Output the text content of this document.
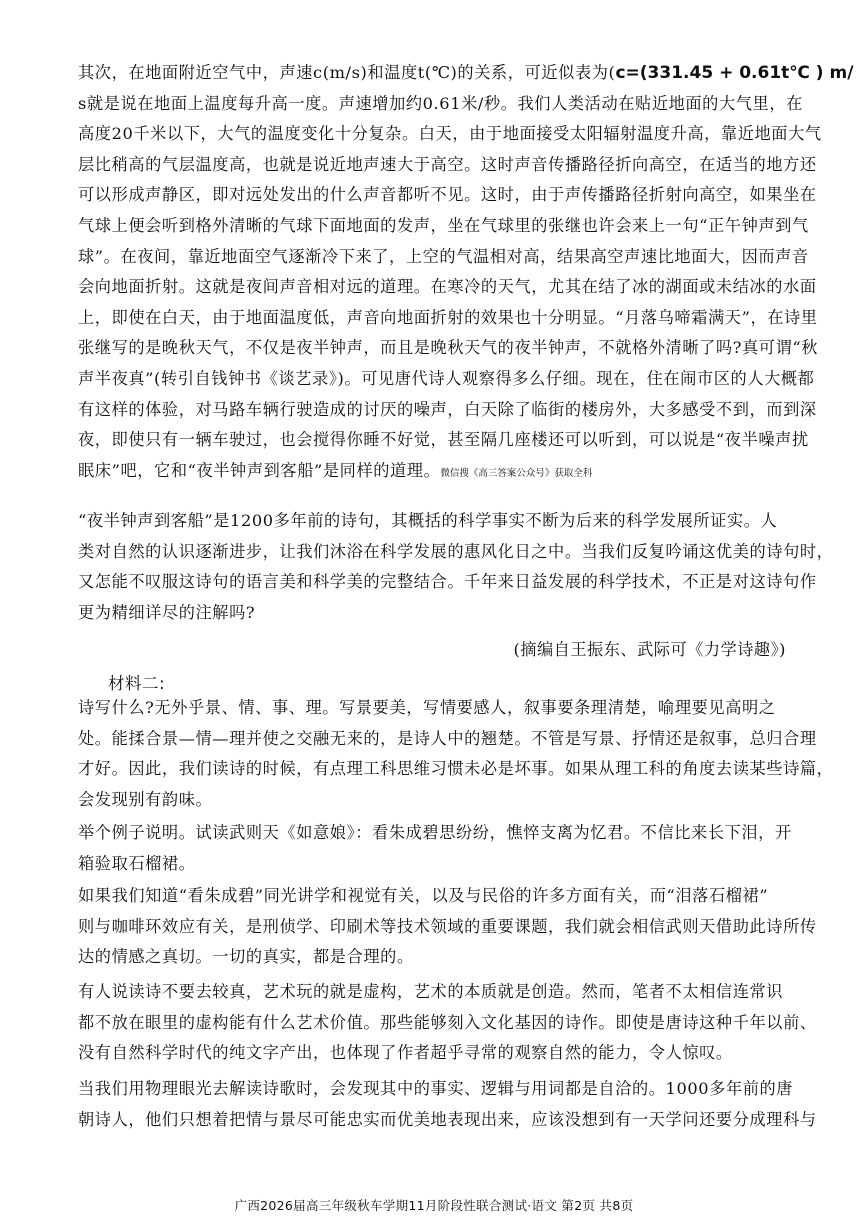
其次，在地面附近空气中，声速c(m/s)和温度t(℃)的关系，可近似表为(c=(331.45 + 0.61t℃ ) m/
s就是说在地面上温度每升高一度。声速增加约0.61米/秒。我们人类活动在贴近地面的大气里，在
高度20千米以下，大气的温度变化十分复杂。白天，由于地面接受太阳辐射温度升高，靠近地面大气
层比稍高的气层温度高，也就是说近地声速大于高空。这时声音传播路径折向高空，在适当的地方还
可以形成声静区，即对远处发出的什么声音都听不见。这时，由于声传播路径折射向高空，如果坐在
气球上便会听到格外清晰的气球下面地面的发声，坐在气球里的张继也许会来上一句“正午钟声到气
球”。在夜间，靠近地面空气逐渐冷下来了，上空的气温相对高，结果高空声速比地面大，因而声音
会向地面折射。这就是夜间声音相对远的道理。在寒冷的天气，尤其在结了冰的湖面或未结冰的水面
上，即使在白天，由于地面温度低，声音向地面折射的效果也十分明显。“月落乌啼霜满天”，在诗里
张继写的是晚秋天气，不仅是夜半钟声，而且是晚秋天气的夜半钟声，不就格外清晰了吗?真可谓“秋
声半夜真”(转引自钱钟书《谈艺录》)。可见唐代诗人观察得多么仔细。现在，住在闹市区的人大概都
有这样的体验，对马路车辆行驶造成的讨厌的噪声，白天除了临街的楼房外，大多感受不到，而到深
夜，即使只有一辆车驶过，也会搅得你睡不好觉，甚至隔几座楼还可以听到，可以说是“夜半噪声扰
眠床”吧，它和“夜半钟声到客船”是同样的道理。微信搜《高三答案公众号》获取全科
“夜半钟声到客船”是1200多年前的诗句，其概括的科学事实不断为后来的科学发展所证实。人
类对自然的认识逐渐进步，让我们沐浴在科学发展的惠风化日之中。当我们反复吟诵这优美的诗句时，
又怎能不叹服这诗句的语言美和科学美的完整结合。千年来日益发展的科学技术，不正是对这诗句作
更为精细详尽的注解吗?
(摘编自王振东、武际可《力学诗趣》)
材料二:
诗写什么?无外乎景、情、事、理。写景要美，写情要感人，叙事要条理清楚，喻理要见高明之
处。能揉合景—情—理并使之交融无来的，是诗人中的翘楚。不管是写景、抒情还是叙事，总归合理
才好。因此，我们读诗的时候，有点理工科思维习惯未必是坏事。如果从理工科的角度去读某些诗篇，
会发现别有韵味。
举个例子说明。试读武则天《如意娘》：看朱成碧思纷纷，憔悴支离为忆君。不信比来长下泪，开
箱验取石榴裙。
如果我们知道“看朱成碧”同光讲学和视觉有关，以及与民俗的许多方面有关，而“泪落石榴裙”
则与咖啡环效应有关，是刑侦学、印刷术等技术领域的重要课题，我们就会相信武则天借助此诗所传
达的情感之真切。一切的真实，都是合理的。
有人说读诗不要去较真，艺术玩的就是虚构，艺术的本质就是创造。然而，笔者不太相信连常识
都不放在眼里的虚构能有什么艺术价值。那些能够刻入文化基因的诗作。即使是唐诗这种千年以前、
没有自然科学时代的纯文字产出，也体现了作者超乎寻常的观察自然的能力，令人惊叹。
当我们用物理眼光去解读诗歌时，会发现其中的事实、逻辑与用词都是自洽的。1000多年前的唐
朝诗人，他们只想着把情与景尽可能忠实而优美地表现出来，应该没想到有一天学问还要分成理科与
广西2026届高三年级秋车学期11月阶段性联合测试·语文 第2页 共8页
